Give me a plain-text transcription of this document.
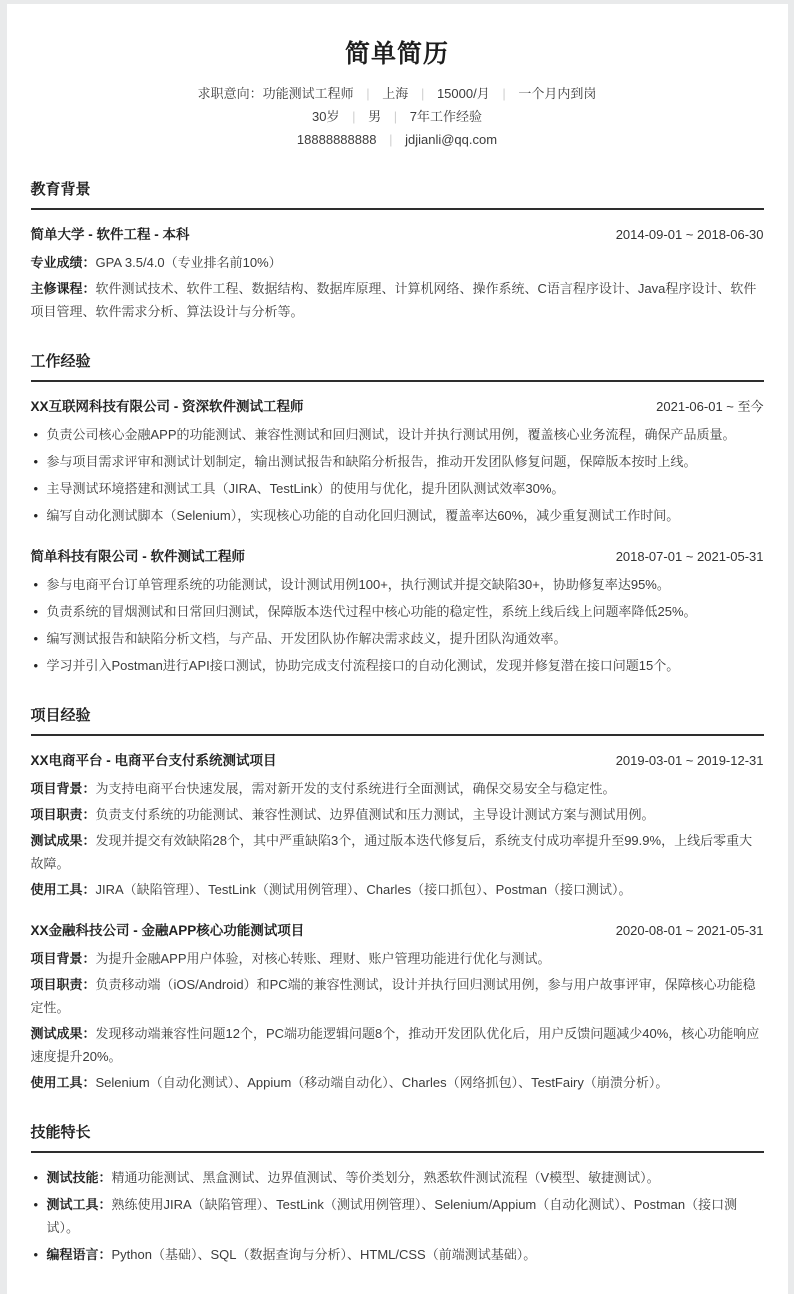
简单简历
求职意向：功能测试工程师 | 上海 | 15000/月 | 一个月内到岗
30岁 | 男 | 7年工作经验
18888888888 | jdjianli@qq.com
教育背景
简单大学 - 软件工程 - 本科	2014-09-01 ~ 2018-06-30
专业成绩：GPA 3.5/4.0（专业排名前10%）
主修课程：软件测试技术、软件工程、数据结构、数据库原理、计算机网络、操作系统、C语言程序设计、Java程序设计、软件项目管理、软件需求分析、算法设计与分析等。
工作经验
XX互联网科技有限公司 - 资深软件测试工程师	2021-06-01 ~ 至今
• 负责公司核心金融APP的功能测试、兼容性测试和回归测试，设计并执行测试用例，覆盖核心业务流程，确保产品质量。
• 参与项目需求评审和测试计划制定，输出测试报告和缺陷分析报告，推动开发团队修复问题，保障版本按时上线。
• 主导测试环境搭建和测试工具（JIRA、TestLink）的使用与优化，提升团队测试效率30%。
• 编写自动化测试脚本（Selenium），实现核心功能的自动化回归测试，覆盖率达60%，减少重复测试工作时间。
简单科技有限公司 - 软件测试工程师	2018-07-01 ~ 2021-05-31
• 参与电商平台订单管理系统的功能测试，设计测试用例100+，执行测试并提交缺陷30+，协助修复率达95%。
• 负责系统的冒烟测试和日常回归测试，保障版本迭代过程中核心功能的稳定性，系统上线后线上问题率降低25%。
• 编写测试报告和缺陷分析文档，与产品、开发团队协作解决需求歧义，提升团队沟通效率。
• 学习并引入Postman进行API接口测试，协助完成支付流程接口的自动化测试，发现并修复潜在接口问题15个。
项目经验
XX电商平台 - 电商平台支付系统测试项目	2019-03-01 ~ 2019-12-31
项目背景：为支持电商平台快速发展，需对新开发的支付系统进行全面测试，确保交易安全与稳定性。
项目职责：负责支付系统的功能测试、兼容性测试、边界值测试和压力测试，主导设计测试方案与测试用例。
测试成果：发现并提交有效缺陷28个，其中严重缺陷3个，通过版本迭代修复后，系统支付成功率提升至99.9%，上线后零重大故障。
使用工具：JIRA（缺陷管理）、TestLink（测试用例管理）、Charles（接口抓包）、Postman（接口测试）。
XX金融科技公司 - 金融APP核心功能测试项目	2020-08-01 ~ 2021-05-31
项目背景：为提升金融APP用户体验，对核心转账、理财、账户管理功能进行优化与测试。
项目职责：负责移动端（iOS/Android）和PC端的兼容性测试，设计并执行回归测试用例，参与用户故事评审，保障核心功能稳定性。
测试成果：发现移动端兼容性问题12个，PC端功能逻辑问题8个，推动开发团队优化后，用户反馈问题减少40%，核心功能响应速度提升20%。
使用工具：Selenium（自动化测试）、Appium（移动端自动化）、Charles（网络抓包）、TestFairy（崩溃分析）。
技能特长
• 测试技能：精通功能测试、黑盒测试、边界值测试、等价类划分，熟悉软件测试流程（V模型、敏捷测试）。
• 测试工具：熟练使用JIRA（缺陷管理）、TestLink（测试用例管理）、Selenium/Appium（自动化测试）、Postman（接口测试）。
• 编程语言：Python（基础）、SQL（数据查询与分析）、HTML/CSS（前端测试基础）。
